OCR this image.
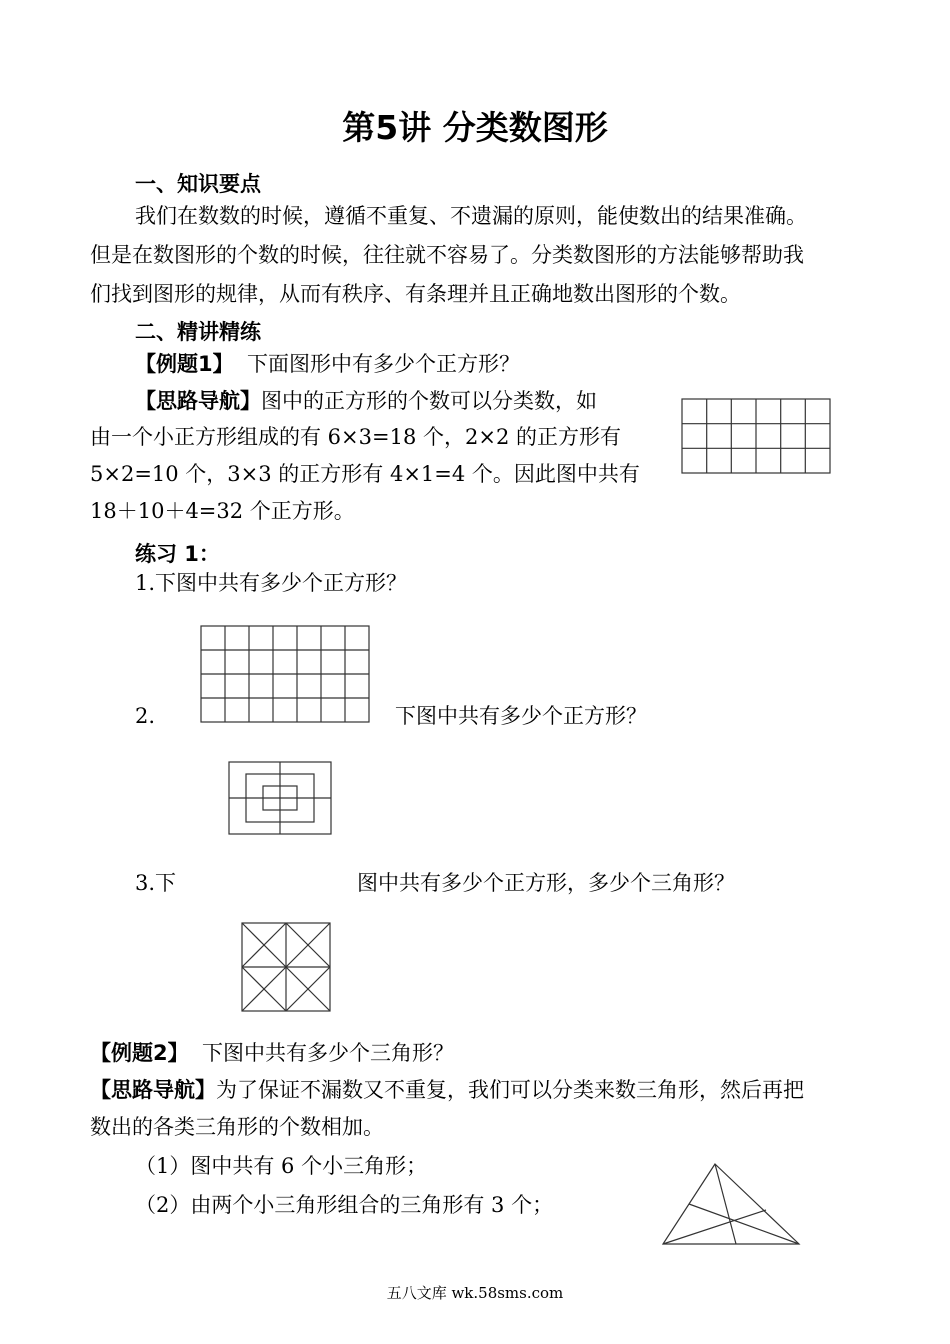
第5讲 分类数图形
一、知识要点
我们在数数的时候，遵循不重复、不遗漏的原则，能使数出的结果准确。
但是在数图形的个数的时候，往往就不容易了。分类数图形的方法能够帮助我
们找到图形的规律，从而有秩序、有条理并且正确地数出图形的个数。
二、精讲精练
【例题1】 下面图形中有多少个正方形？
【思路导航】图中的正方形的个数可以分类数，如
由一个小正方形组成的有 6×3=18 个，2×2 的正方形有
5×2=10 个，3×3 的正方形有 4×1=4 个。因此图中共有
18＋10＋4=32 个正方形。
练习 1：
1.下图中共有多少个正方形？
2.	下图中共有多少个正方形？
3.下	图中共有多少个正方形，多少个三角形？
【例题2】 下图中共有多少个三角形？
【思路导航】为了保证不漏数又不重复，我们可以分类来数三角形，然后再把
数出的各类三角形的个数相加。
（1）图中共有 6 个小三角形；
（2）由两个小三角形组合的三角形有 3 个；
五八文库 wk.58sms.com
